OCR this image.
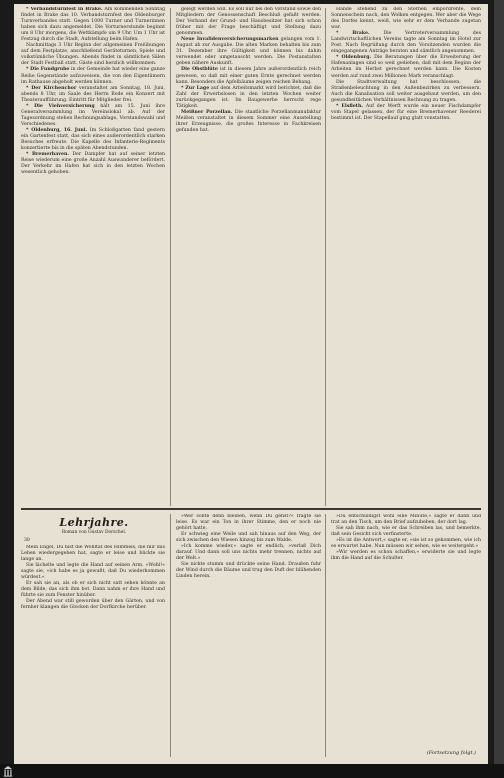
* Verbandsturnfest in Brake. Am kommenden Sonntag findet in Brake das 10. Verbandsturnfest des Oldenburger Turnverbandes statt. Gegen 1000 Turner und Turnerinnen haben sich dazu angemeldet. Die Vorturnerstunde beginnt um 8 Uhr morgens, die Wettkämpfe um 9 Uhr. Um 1 Uhr ist Festzug durch die Stadt, Aufstellung beim Hafen.

Nachmittags 3 Uhr Beginn der allgemeinen Freiübungen auf dem Festplatze, anschließend Geräteturnen, Spiele und volkstümliche Übungen. Abends findet in sämtlichen Sälen der Stadt Festball statt. Gäste sind herzlich willkommen.

* Die Fundgrube in der Gemeinde hat wieder eine ganze Reihe Gegenstände aufzuweisen, die von den Eigentümern im Rathause abgeholt werden können.

* Der Kirchenchor veranstaltet am Sonntag, 18. Juni, abends 8 Uhr, im Saale des Herrn Bode ein Konzert mit Theateraufführung. Eintritt für Mitglieder frei.

* Die Viehversicherung hält am 15. Juni ihre Generalversammlung im Vereinslokal ab. Auf der Tagesordnung stehen Rechnungsablage, Vorstandswahl und Verschiedenes.

* Oldenburg, 16. Juni. Im Schloßgarten fand gestern ein Gartenfest statt, das sich eines außerordentlich starken Besuches erfreute. Die Kapelle des Infanterie-Regiments konzertierte bis in die späten Abendstunden.

* Bremerhaven. Der Dampfer hat auf seiner letzten Reise wiederum eine große Anzahl Auswanderer befördert. Der Verkehr im Hafen hat sich in den letzten Wochen wesentlich gehoben.

gelegt werden will. Es soll nur bei den Vorstand sowie den Mitgliedern der Genossenschaft Beschluß gefaßt werden. Der Verband der Grund- und Hausbesitzer hat sich schon früher mit der Frage beschäftigt und Stellung dazu genommen.

Neue Invalidenversicherungsmarken gelangen vom 1. August ab zur Ausgabe. Die alten Marken behalten bis zum 31. Dezember ihre Gültigkeit und können bis dahin verwendet oder umgetauscht werden. Die Postanstalten geben nähere Auskunft.

Die Obstblüte ist in diesem Jahre außerordentlich reich gewesen, so daß mit einer guten Ernte gerechnet werden kann. Besonders die Apfelbäume zeigen reichen Behang.

* Zur Lage auf dem Arbeitsmarkt wird berichtet, daß die Zahl der Erwerbslosen in den letzten Wochen weiter zurückgegangen ist. Im Baugewerbe herrscht rege Tätigkeit.

Meißner Porzellan. Die staatliche Porzellanmanufaktur Meißen veranstaltet in diesem Sommer eine Ausstellung ihrer Erzeugnisse, die großes Interesse in Fachkreisen gefunden hat.

Hände stehend zu den Sternen empordrehte, dem Sonnenschein nach, den Wolken entgegen. Wer aber die Wege des Dorfes kennt, weiß, wie sehr er dem Verbande zugetan war.

* Brake.	Die Vertreterversammlung des Landwirtschaftlichen Vereins tagte am Sonntag im Hotel zur Post. Nach Begrüßung durch den Vorsitzenden wurden die eingegangenen Anträge beraten und sämtlich angenommen.

* Oldenburg. Die Beratungen über die Erweiterung der Hafenanlagen sind so weit gediehen, daß mit dem Beginn der Arbeiten im Herbst gerechnet werden kann. Die Kosten werden auf rund zwei Millionen Mark veranschlagt.

Die Stadtverwaltung hat beschlossen, die Straßenbeleuchtung in den Außenbezirken zu verbessern. Auch die Kanalisation soll weiter ausgebaut werden, um den gesundheitlichen Verhältnissen Rechnung zu tragen.

* Elsfleth. Auf der Werft wurde ein neuer Fischdampfer vom Stapel gelassen, der für eine Bremerhavener Reederei bestimmt ist. Der Stapellauf ging glatt vonstatten.

Lehrjahre.
Roman von Gustav Dorschel.
30

Mein Engel, Du bist die Wohltat des Himmels, die mir das Leben wiedergegeben hat, sagte er leise und blickte sie lange an.

Sie lächelte und legte die Hand auf seinen Arm. »Wohl!« sagte sie, »ich habe es ja gewußt, daß Du wiederkommen würdest.«

Er sah sie an, als ob er sich nicht satt sehen könnte an dem Bilde, das sich ihm bot. Dann nahm er ihre Hand und führte sie zum Fenster hinüber.

Der Abend war still geworden über den Gärten, und von fernher klangen die Glocken der Dorfkirche herüber.

»Wer sollte denn bleiben, wenn Du gehst?« fragte sie leise. Es war ein Ton in ihrer Stimme, den er noch nie gehört hatte.

Er schwieg eine Weile und sah hinaus auf den Weg, der sich zwischen den Wiesen hinzog bis zum Walde.

»Ich komme wieder,« sagte er endlich, »verlaß Dich darauf. Und dann soll uns nichts mehr trennen, nichts auf der Welt.«

Sie nickte stumm und drückte seine Hand. Draußen fuhr der Wind durch die Bäume und trug den Duft der blühenden Linden herein.

»Du entschuldigst wohl eine Minute,« sagte er dann und trat an den Tisch, um den Brief aufzuheben, der dort lag.

Sie sah ihm nach, wie er das Schreiben las, und bemerkte, daß sein Gesicht sich verfinsterte.

»Es ist die Antwort,« sagte er, »sie ist so gekommen, wie ich es erwartet habe. Nun müssen wir sehen, wie es weitergeht.«

»Wir werden es schon schaffen,« erwiderte sie und legte ihm die Hand auf die Schulter.

(Fortsetzung folgt.)
